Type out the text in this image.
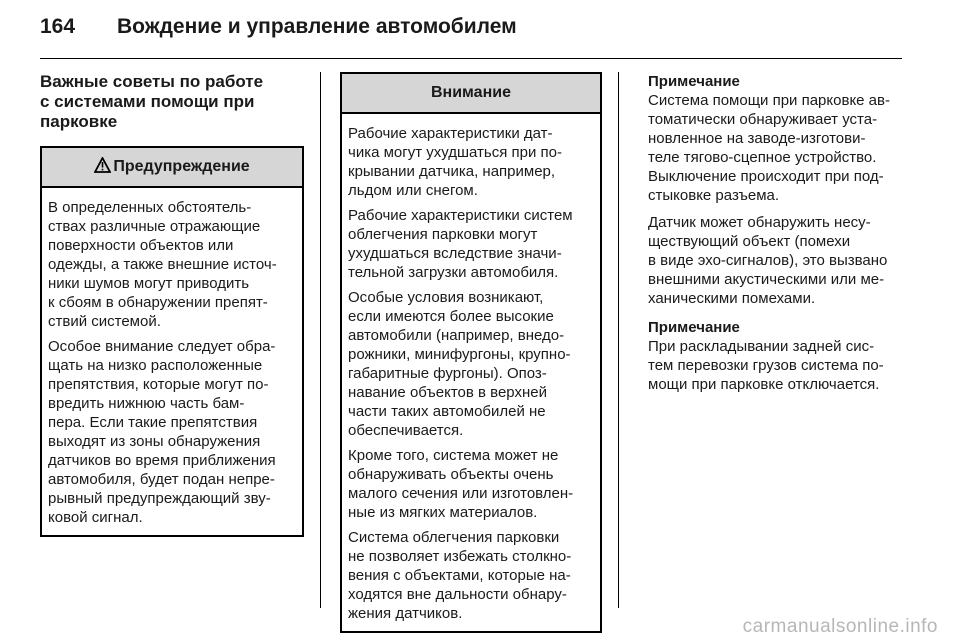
164 Вождение и управление автомобилем
Важные советы по работе
с системами помощи при
парковке
Предупреждение

В определенных обстоятель-
ствах различные отражающие
поверхности объектов или
одежды, а также внешние источ-
ники шумов могут приводить
к сбоям в обнаружении препят-
ствий системой.

Особое внимание следует обра-
щать на низко расположенные
препятствия, которые могут по-
вредить нижнюю часть бам-
пера. Если такие препятствия
выходят из зоны обнаружения
датчиков во время приближения
автомобиля, будет подан непре-
рывный предупреждающий зву-
ковой сигнал.

Внимание

Рабочие характеристики дат-
чика могут ухудшаться при по-
крывании датчика, например,
льдом или снегом.

Рабочие характеристики систем
облегчения парковки могут
ухудшаться вследствие значи-
тельной загрузки автомобиля.

Особые условия возникают,
если имеются более высокие
автомобили (например, внедо-
рожники, минифургоны, крупно-
габаритные фургоны). Опоз-
навание объектов в верхней
части таких автомобилей не
обеспечивается.

Кроме того, система может не
обнаруживать объекты очень
малого сечения или изготовлен-
ные из мягких материалов.

Система облегчения парковки
не позволяет избежать столкно-
вения с объектами, которые на-
ходятся вне дальности обнару-
жения датчиков.

Примечание

Система помощи при парковке ав-
томатически обнаруживает уста-
новленное на заводе-изготови-
теле тягово-сцепное устройство.
Выключение происходит при под-
стыковке разъема.

Датчик может обнаружить несу-
ществующий объект (помехи
в виде эхо-сигналов), это вызвано
внешними акустическими или ме-
ханическими помехами.

Примечание

При раскладывании задней сис-
тем перевозки грузов система по-
мощи при парковке отключается.

carmanualsonline.info
